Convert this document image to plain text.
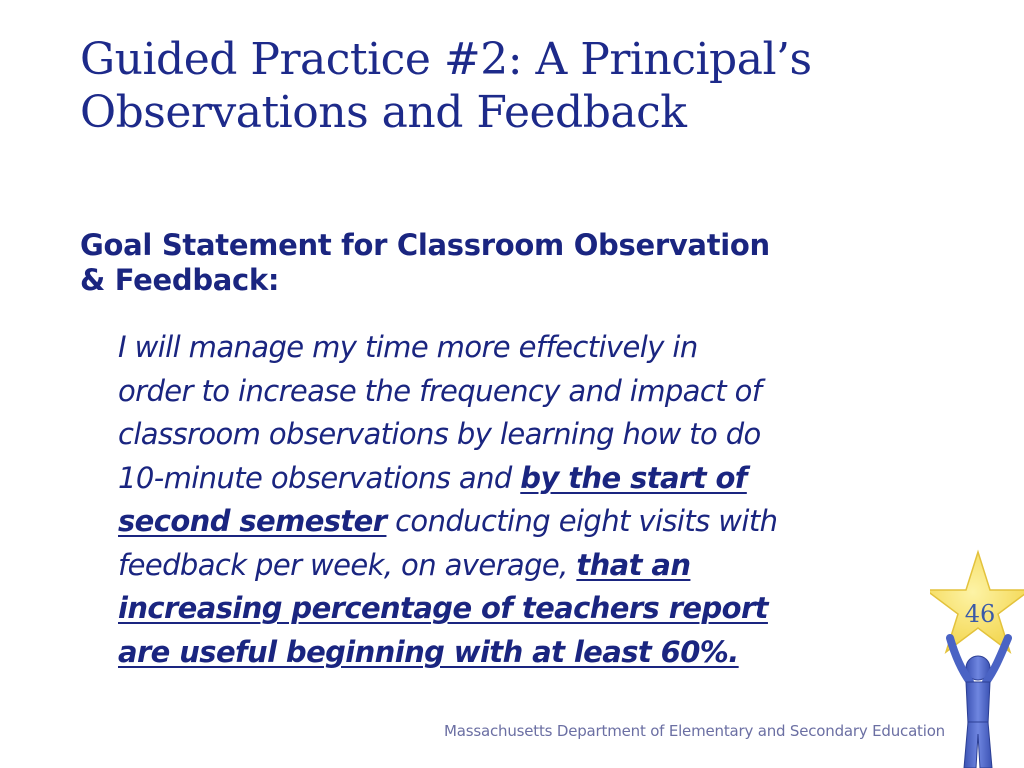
Guided Practice #2: A Principal’s
Observations and Feedback
Goal Statement for Classroom Observation
& Feedback:

I will manage my time more effectively in
order to increase the frequency and impact of
classroom observations by learning how to do
10-minute observations and by the start of
second semester conducting eight visits with
feedback per week, on average, that an
increasing percentage of teachers report
are useful beginning with at least 60%.

Massachusetts Department of Elementary and Secondary Education
46
